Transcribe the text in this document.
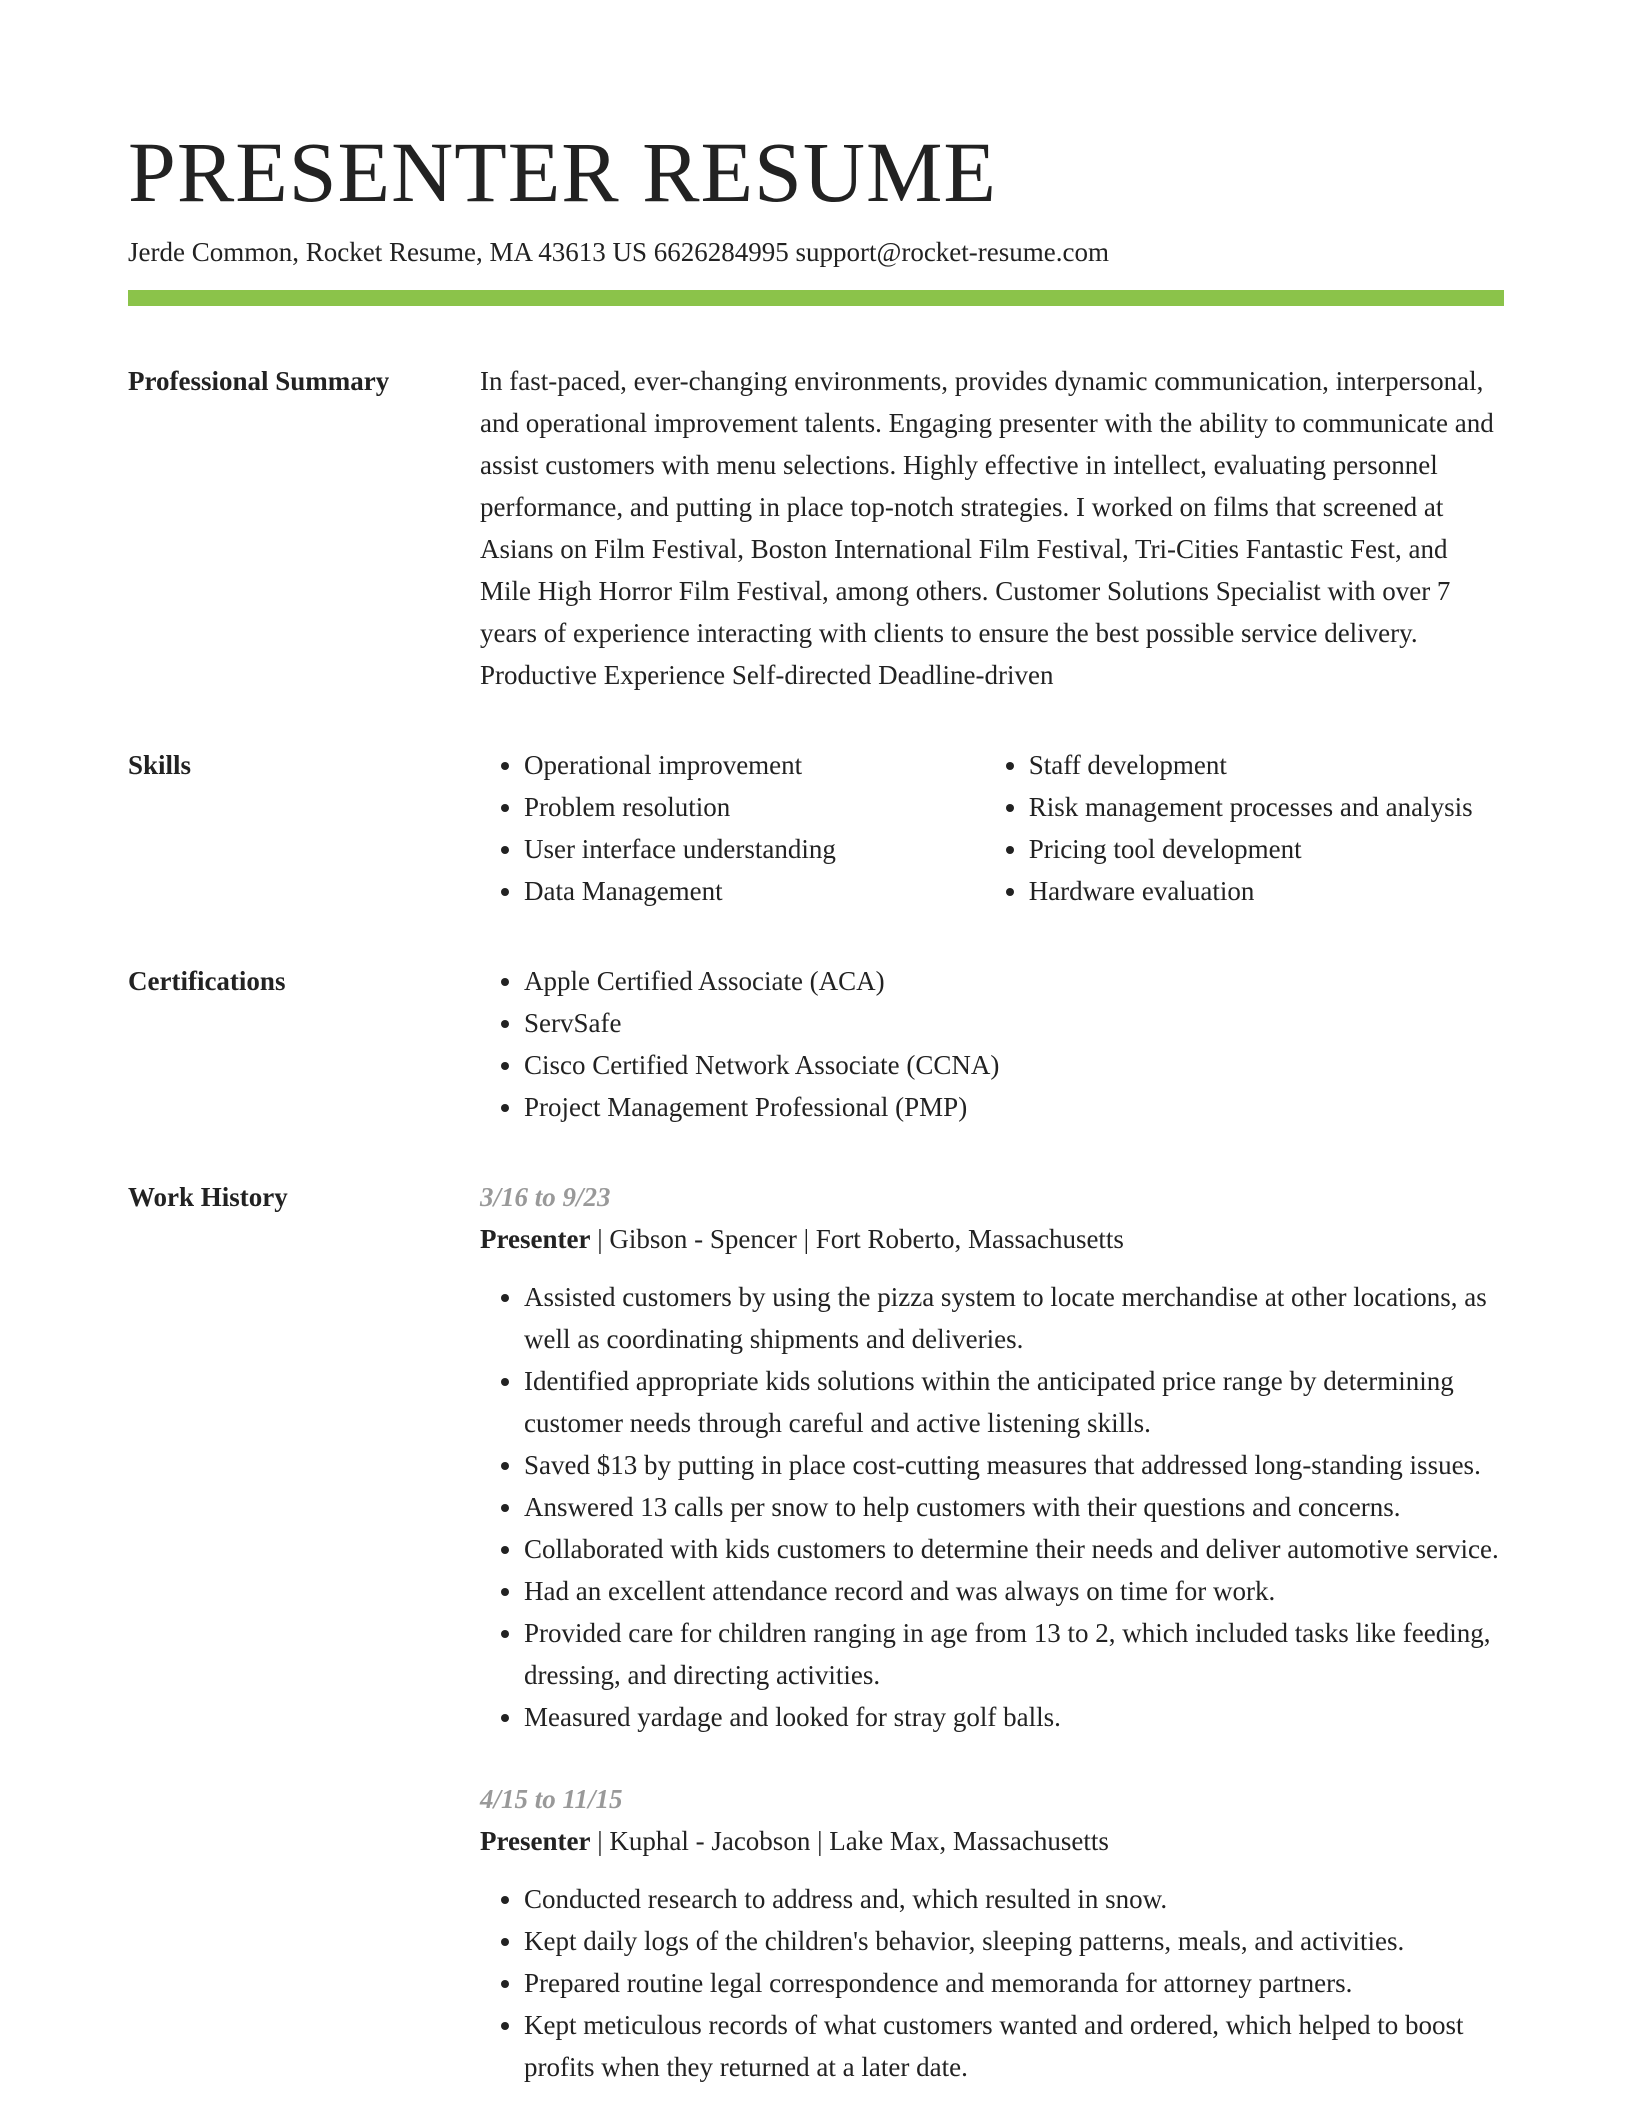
PRESENTER RESUME
Jerde Common, Rocket Resume, MA 43613 US 6626284995 support@rocket-resume.com
Professional Summary	In fast-paced, ever-changing environments, provides dynamic communication, interpersonal, and operational improvement talents. Engaging presenter with the ability to communicate and assist customers with menu selections. Highly effective in intellect, evaluating personnel performance, and putting in place top-notch strategies. I worked on films that screened at Asians on Film Festival, Boston International Film Festival, Tri-Cities Fantastic Fest, and Mile High Horror Film Festival, among others. Customer Solutions Specialist with over 7 years of experience interacting with clients to ensure the best possible service delivery. Productive Experience Self-directed Deadline-driven

Skills	• Operational improvement
• Problem resolution
• User interface understanding
• Data Management
• Staff development
• Risk management processes and analysis
• Pricing tool development
• Hardware evaluation
Certifications	• Apple Certified Associate (ACA)
• ServSafe
• Cisco Certified Network Associate (CCNA)
• Project Management Professional (PMP)
Work History	3/16 to 9/23
Presenter | Gibson - Spencer | Fort Roberto, Massachusetts
• Assisted customers by using the pizza system to locate merchandise at other locations, as well as coordinating shipments and deliveries.
• Identified appropriate kids solutions within the anticipated price range by determining customer needs through careful and active listening skills.
• Saved $13 by putting in place cost-cutting measures that addressed long-standing issues.
• Answered 13 calls per snow to help customers with their questions and concerns.
• Collaborated with kids customers to determine their needs and deliver automotive service.
• Had an excellent attendance record and was always on time for work.
• Provided care for children ranging in age from 13 to 2, which included tasks like feeding, dressing, and directing activities.
• Measured yardage and looked for stray golf balls.
4/15 to 11/15
Presenter | Kuphal - Jacobson | Lake Max, Massachusetts
• Conducted research to address and, which resulted in snow.
• Kept daily logs of the children's behavior, sleeping patterns, meals, and activities.
• Prepared routine legal correspondence and memoranda for attorney partners.
• Kept meticulous records of what customers wanted and ordered, which helped to boost profits when they returned at a later date.
